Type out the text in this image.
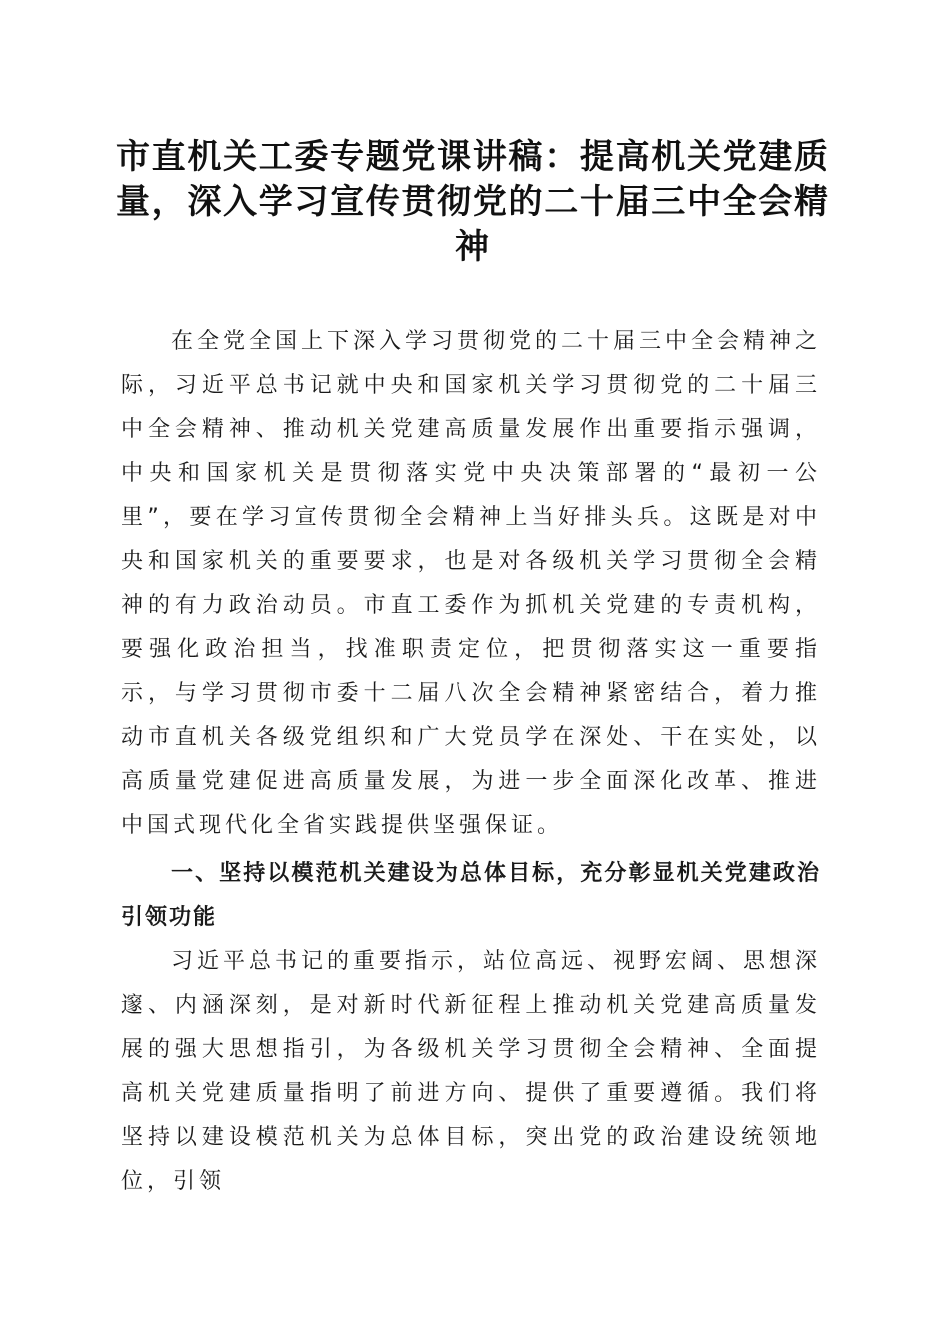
市直机关工委专题党课讲稿：提高机关党建质量，深入学习宣传贯彻党的二十届三中全会精神

在全党全国上下深入学习贯彻党的二十届三中全会精神之际，习近平总书记就中央和国家机关学习贯彻党的二十届三中全会精神、推动机关党建高质量发展作出重要指示强调，中央和国家机关是贯彻落实党中央决策部署的“最初一公里”，要在学习宣传贯彻全会精神上当好排头兵。这既是对中央和国家机关的重要要求，也是对各级机关学习贯彻全会精神的有力政治动员。市直工委作为抓机关党建的专责机构，要强化政治担当，找准职责定位，把贯彻落实这一重要指示，与学习贯彻市委十二届八次全会精神紧密结合，着力推动市直机关各级党组织和广大党员学在深处、干在实处，以高质量党建促进高质量发展，为进一步全面深化改革、推进中国式现代化全省实践提供坚强保证。

一、坚持以模范机关建设为总体目标，充分彰显机关党建政治引领功能

习近平总书记的重要指示，站位高远、视野宏阔、思想深邃、内涵深刻，是对新时代新征程上推动机关党建高质量发展的强大思想指引，为各级机关学习贯彻全会精神、全面提高机关党建质量指明了前进方向、提供了重要遵循。我们将坚持以建设模范机关为总体目标，突出党的政治建设统领地位，引领
